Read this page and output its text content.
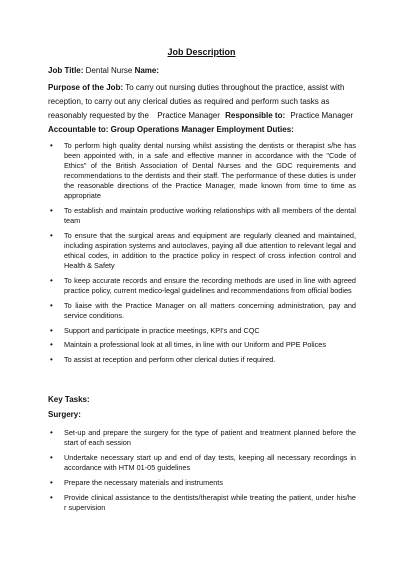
Job Description
Job Title: Dental Nurse Name:
Purpose of the Job: To carry out nursing duties throughout the practice, assist with
reception, to carry out any clerical duties as required and perform such tasks as
reasonably requested by the Practice Manager Responsible to: Practice Manager
Accountable to: Group Operations Manager Employment Duties:
• To perform high quality dental nursing whilst assisting the dentists or therapist s/he has been appointed with, in a safe and effective manner in accordance with the "Code of Ethics" of the British Association of Dental Nurses and the GDC requirements and recommendations to the dentists and their staff. The performance of these duties is under the reasonable directions of the Practice Manager, made known from time to time as appropriate
• To establish and maintain productive working relationships with all members of the dental team
• To ensure that the surgical areas and equipment are regularly cleaned and maintained, including aspiration systems and autoclaves, paying all due attention to relevant legal and ethical codes, in addition to the practice policy in respect of cross infection control and Health & Safety
• To keep accurate records and ensure the recording methods are used in line with agreed practice policy, current medico-legal guidelines and recommendations from official bodies
• To liaise with the Practice Manager on all matters concerning administration, pay and service conditions.
• Support and participate in practice meetings, KPI's and CQC
• Maintain a professional look at all times, in line with our Uniform and PPE Polices
• To assist at reception and perform other clerical duties if required.
Key Tasks:
Surgery:
• Set-up and prepare the surgery for the type of patient and treatment planned before the start of each session
• Undertake necessary start up and end of day tests, keeping all necessary recordings in accordance with HTM 01-05 guidelines
• Prepare the necessary materials and instruments
• Provide clinical assistance to the dentists/therapist while treating the patient, under his/he r supervision
